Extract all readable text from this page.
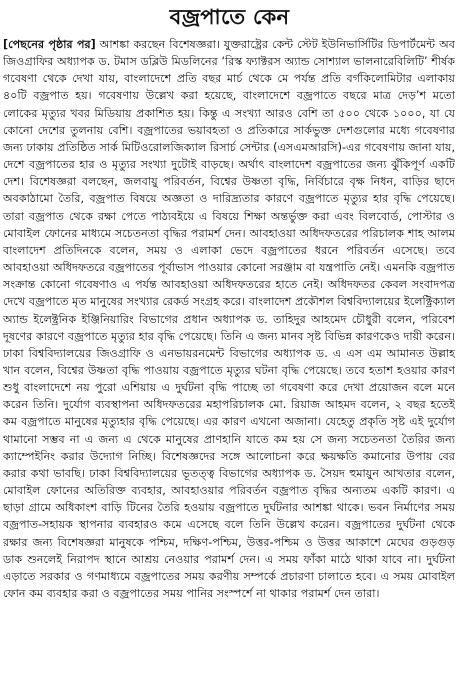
বজ্রপাতে কেন

[পেছনের পৃষ্ঠার পর] আশঙ্কা করছেন বিশেষজ্ঞরা। যুক্তরাষ্ট্রের কেন্ট স্টেট ইউনিভার্সিটির ডিপার্টমেন্ট অব জিওগ্রাফির অধ্যাপক ড. টমাস ডব্লিউ মিডলিনের ‘রিস্ক ফ্যাক্টরস অ্যান্ড সোশ্যাল ভালনারেবিলিটি’ শীর্ষক গবেষণা থেকে দেখা যায়, বাংলাদেশে প্রতি বছর মার্চ থেকে মে পর্যন্ত প্রতি বর্গকিলোমিটার এলাকায় ৪০টি বজ্রপাত হয়। গবেষণায় উল্লেখ করা হয়েছে, বাংলাদেশে বজ্রপাতে বছরে মাত্র দেড়’শ মতো লোকের মৃত্যুর খবর মিডিয়ায় প্রকাশিত হয়। কিন্তু এ সংখ্যা আরও বেশি তা ৫০০ থেকে ১০০০, যা যে কোনো দেশের তুলনায় বেশি। বজ্রপাতের ভয়াবহতা ও প্রতিকারে সার্কভুক্ত দেশগুলোর মধ্যে গবেষণার জন্য ঢাকায় প্রতিষ্ঠিত সার্ক মিটিওরোলজিক্যাল রিসার্চ সেন্টার (এসএমআরসি)-এর গবেষণায় জানা যায়, দেশে বজ্রপাতের হার ও মৃত্যুর সংখ্যা দুটোই বাড়ছে। অর্থাৎ বাংলাদেশ বজ্রপাতের জন্য ঝুঁকিপূর্ণ একটি দেশ। বিশেষজ্ঞরা বলছেন, জলবায়ু পরিবর্তন, বিশ্বের উষ্ণতা বৃদ্ধি, নির্বিচারে বৃক্ষ নিধন, বাড়ির ছাদে অবকাঠামো তৈরি, বজ্রপাত বিষয়ে অজ্ঞতা ও দারিদ্র্যতার কারণে বজ্রপাতে মৃত্যুর হার বৃদ্ধি পেয়েছে। তারা বজ্রপাত থেকে রক্ষা পেতে পাঠ্যবইয়ে এ বিষয়ে শিক্ষা অন্তর্ভুক্ত করা এবং বিলবোর্ড, পোস্টার ও মোবাইল ফোনের মাধ্যমে সচেতনতা বৃদ্ধির পরামর্শ দেন। আবহাওয়া অধিদফতরের পরিচালক শাহ আলম বাংলাদেশ প্রতিদিনকে বলেন, সময় ও এলাকা ভেদে বজ্রপাতের ধরনে পরিবর্তন এসেছে। তবে আবহাওয়া অধিদফতরে বজ্রপাতের পূর্বাভাস পাওয়ার কোনো সরঞ্জাম বা যন্ত্রপাতি নেই। এমনকি বজ্রপাত সংক্রান্ত কোনো গবেষণাও এ পর্যন্ত আবহাওয়া অধিদফতরের হাতে নেই। অধিদফতর কেবল সংবাদপত্র দেখে বজ্রপাতে মৃত মানুষের সংখ্যার রেকর্ড সংগ্রহ করে। বাংলাদেশ প্রকৌশল বিশ্ববিদ্যালয়ের ইলেক্ট্রিক্যাল অ্যান্ড ইলেক্ট্রনিক ইঞ্জিনিয়ারিং বিভাগের প্রধান অধ্যাপক ড. তাহিদুর আহমেদ চৌধুরী বলেন, পরিবেশ দূষণের কারণে বজ্রপাতে মৃত্যুর হার বৃদ্ধি পেয়েছে। তিনি এ জন্য মানব সৃষ্ট বিভিন্ন কারণকেও দায়ী করেন। ঢাকা বিশ্ববিদ্যালয়ের জিওগ্রাফি ও এনভায়রনমেন্ট বিভাগের অধ্যাপক ড. এ এস এম আমানত উল্লাহ খান বলেন, বিশ্বের উষ্ণতা বৃদ্ধি পাওয়ায় বজ্রপাতে মৃত্যুর ঘটনা বৃদ্ধি পেয়েছে। তবে হতাশ হওয়ার কারণ শুধু বাংলাদেশে নয় পুরো এশিয়ায় এ দুর্ঘটনা বৃদ্ধি পাচ্ছে তা গবেষণা করে দেখা প্রয়োজন বলে মনে করেন তিনি। দুর্যোগ ব্যবস্থাপনা অধিদফতরের মহাপরিচালক মো. রিয়াজ আহমদ বলেন, ২ বছর হতেই কম বজ্রপাতে মানুষের মৃত্যুহার বৃদ্ধি পেয়েছে। এর কারণ এখনো অজানা। যেহেতু প্রকৃতি সৃষ্ট এই দুর্যোগ থামানো সম্ভব না এ জন্য এ থেকে মানুষের প্রাণহানি যাতে কম হয় সে জন্য সচেতনতা তৈরির জন্য ক্যাম্পেইনিং করার উদ্যোগ নিচ্ছি। বিশেষজ্ঞদের সঙ্গে আলোচনা করে ক্ষয়ক্ষতি কমানোর উপায় বের করার কথা ভাবছি। ঢাকা বিশ্ববিদ্যালয়ের ভূতত্ত্ব বিভাগের অধ্যাপক ড. সৈয়দ হুমায়ুন আখতার বলেন, মোবাইল ফোনের অতিরিক্ত ব্যবহার, আবহাওয়ার পরিবর্তন বজ্রপাত বৃদ্ধির অন্যতম একটি কারণ। এ ছাড়া গ্রামে অধিকাংশ বাড়ি টিনের তৈরি হওয়ায় বজ্রপাতে দুর্ঘটনার আশঙ্কা থাকে। ভবন নির্মাণের সময় বজ্রপাত-সহায়ক স্থাপনার ব্যবহারও কমে এসেছে বলে তিনি উল্লেখ করেন। বজ্রপাতের দুর্ঘটনা থেকে রক্ষার জন্য বিশেষজ্ঞরা মানুষকে পশ্চিম, দক্ষিণ-পশ্চিম, উত্তর-পশ্চিম ও উত্তর আকাশে মেঘের গুড়গুড় ডাক শুনলেই নিরাপদ স্থানে আশ্রয় নেওয়ার পরামর্শ দেন। এ সময় ফাঁকা মাঠে থাকা যাবে না। দুর্ঘটনা এড়াতে সরকার ও গণমাধ্যমে বজ্রপাতের সময় করণীয় সম্পর্কে প্রচারণা চালাতে হবে। এ সময় মোবাইল ফোন কম ব্যবহার করা ও বজ্রপাতের সময় পানির সংস্পর্শে না থাকার পরামর্শ দেন তারা।
